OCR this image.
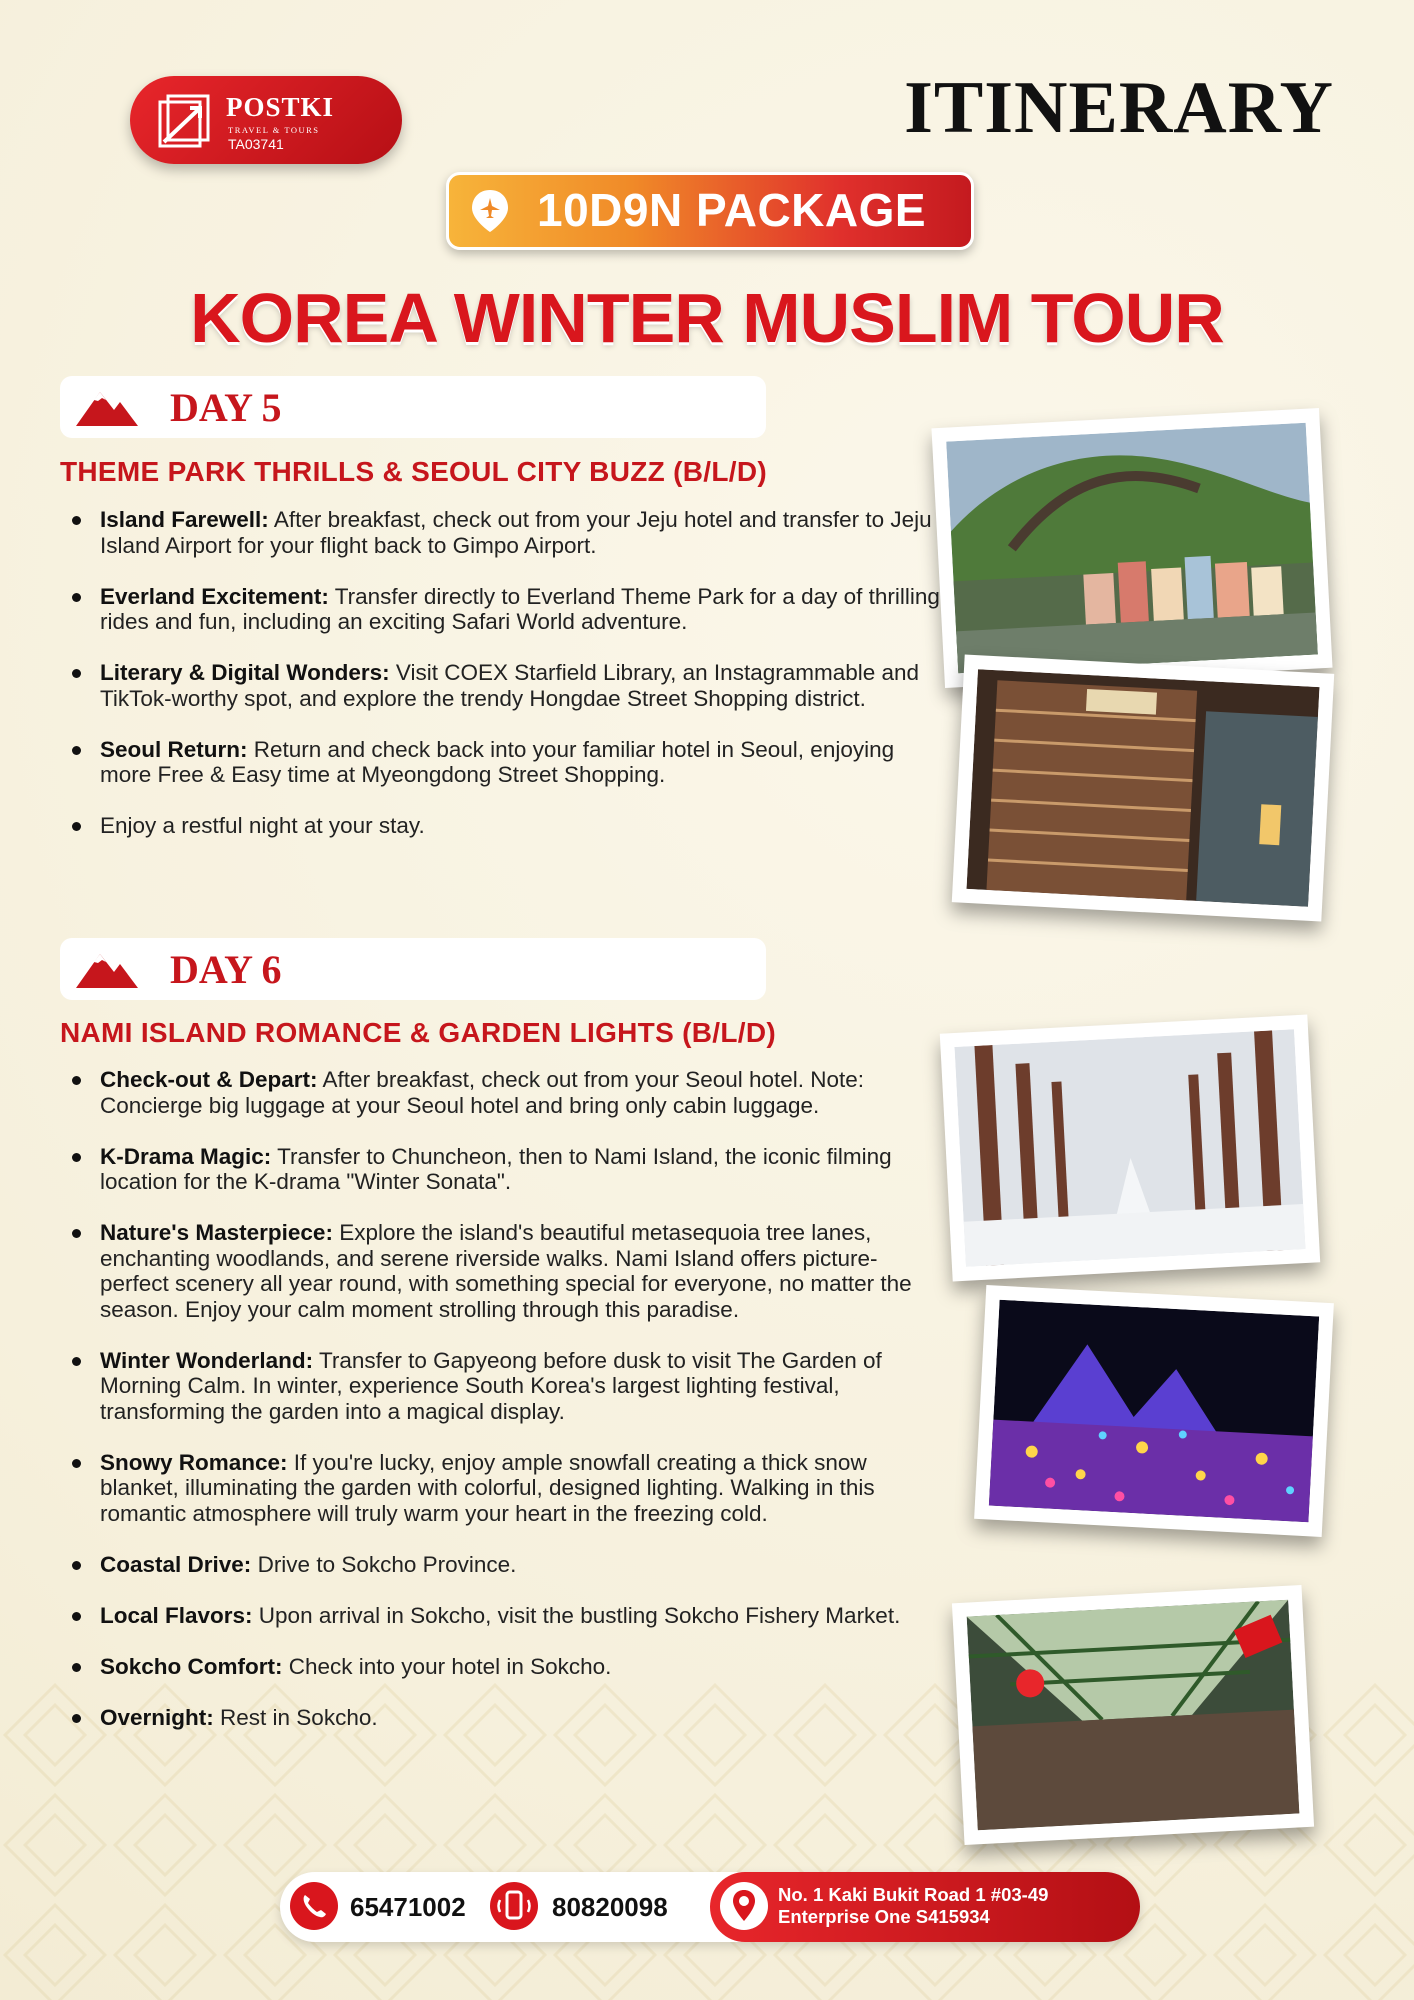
POSTKI
TRAVEL & TOURS
TA03741	ITINERARY
10D9N PACKAGE
KOREA WINTER MUSLIM TOUR
DAY 5
THEME PARK THRILLS & SEOUL CITY BUZZ (B/L/D)
Island Farewell: After breakfast, check out from your Jeju hotel and transfer to Jeju Island Airport for your flight back to Gimpo Airport.
Everland Excitement: Transfer directly to Everland Theme Park for a day of thrilling rides and fun, including an exciting Safari World adventure.
Literary & Digital Wonders: Visit COEX Starfield Library, an Instagrammable and TikTok-worthy spot, and explore the trendy Hongdae Street Shopping district.
Seoul Return: Return and check back into your familiar hotel in Seoul, enjoying more Free & Easy time at Myeongdong Street Shopping.
Enjoy a restful night at your stay.
DAY 6
NAMI ISLAND ROMANCE & GARDEN LIGHTS (B/L/D)
Check-out & Depart: After breakfast, check out from your Seoul hotel. Note: Concierge big luggage at your Seoul hotel and bring only cabin luggage.
K-Drama Magic: Transfer to Chuncheon, then to Nami Island, the iconic filming location for the K-drama "Winter Sonata".
Nature's Masterpiece: Explore the island's beautiful metasequoia tree lanes, enchanting woodlands, and serene riverside walks. Nami Island offers picture-perfect scenery all year round, with something special for everyone, no matter the season. Enjoy your calm moment strolling through this paradise.
Winter Wonderland: Transfer to Gapyeong before dusk to visit The Garden of Morning Calm. In winter, experience South Korea's largest lighting festival, transforming the garden into a magical display.
Snowy Romance: If you're lucky, enjoy ample snowfall creating a thick snow blanket, illuminating the garden with colorful, designed lighting. Walking in this romantic atmosphere will truly warm your heart in the freezing cold.
Coastal Drive: Drive to Sokcho Province.
Local Flavors: Upon arrival in Sokcho, visit the bustling Sokcho Fishery Market.
Sokcho Comfort: Check into your hotel in Sokcho.
Overnight: Rest in Sokcho.
65471002	80820098	No. 1 Kaki Bukit Road 1 #03-49
Enterprise One S415934
